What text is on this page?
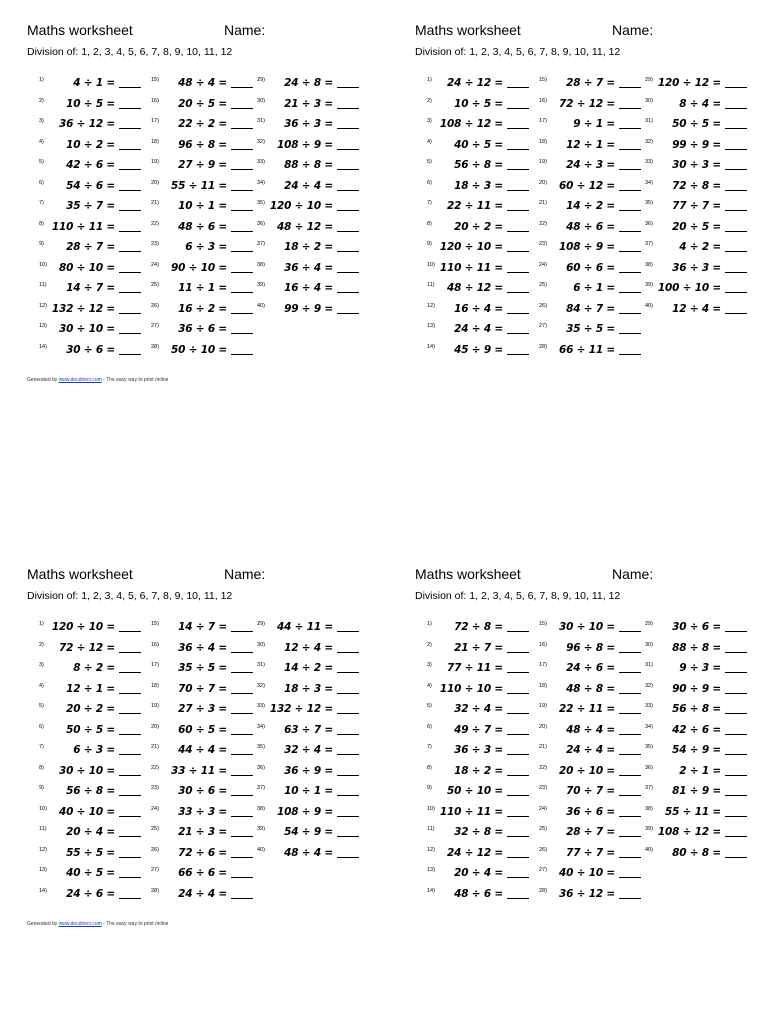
Maths worksheet	Name:
Division of: 1, 2, 3, 4, 5, 6, 7, 8, 9, 10, 11, 12
1)	4 ÷ 1 =
2) 10 ÷ 5 =
3) 36 ÷ 12 =
4) 10 ÷ 2 =
5) 42 ÷ 6 =
6) 54 ÷ 6 =
7) 35 ÷ 7 =
8) 110 ÷ 11 =
9) 28 ÷ 7 =
10) 80 ÷ 10 =
11) 14 ÷ 7 =
12) 132 ÷ 12 =
13) 30 ÷ 10 =
14) 30 ÷ 6 =
15) 48 ÷ 4 =
16) 20 ÷ 5 =
17) 22 ÷ 2 =
18) 96 ÷ 8 =
19) 27 ÷ 9 =
20) 55 ÷ 11 =
21) 10 ÷ 1 =
22) 48 ÷ 6 =
23)	6 ÷ 3 =
24) 90 ÷ 10 =
25) 11 ÷ 1 =
26) 16 ÷ 2 =
27) 36 ÷ 6 =
28) 50 ÷ 10 =
29) 24 ÷ 8 =
30) 21 ÷ 3 =
31) 36 ÷ 3 =
32) 108 ÷ 9 =
33) 88 ÷ 8 =
34) 24 ÷ 4 =
35) 120 ÷ 10 =
36) 48 ÷ 12 =
37) 18 ÷ 2 =
38) 36 ÷ 4 =
39) 16 ÷ 4 =
40) 99 ÷ 9 =
Generated by www.docdirect.com - The easy way to print online
Maths worksheet	Name:
Division of: 1, 2, 3, 4, 5, 6, 7, 8, 9, 10, 11, 12
1) 24 ÷ 12 =
2) 10 ÷ 5 =
3) 108 ÷ 12 =
4) 40 ÷ 5 =
5) 56 ÷ 8 =
6) 18 ÷ 3 =
7) 22 ÷ 11 =
8) 20 ÷ 2 =
9) 120 ÷ 10 =
10) 110 ÷ 11 =
11) 48 ÷ 12 =
12) 16 ÷ 4 =
13) 24 ÷ 4 =
14) 45 ÷ 9 =
15) 28 ÷ 7 =
16) 72 ÷ 12 =
17)	9 ÷ 1 =
18) 12 ÷ 1 =
19) 24 ÷ 3 =
20) 60 ÷ 12 =
21) 14 ÷ 2 =
22) 48 ÷ 6 =
23) 108 ÷ 9 =
24) 60 ÷ 6 =
25)	6 ÷ 1 =
26) 84 ÷ 7 =
27) 35 ÷ 5 =
28) 66 ÷ 11 =
29) 120 ÷ 12 =
30)	8 ÷ 4 =
31) 50 ÷ 5 =
32) 99 ÷ 9 =
33) 30 ÷ 3 =
34) 72 ÷ 8 =
35) 77 ÷ 7 =
36) 20 ÷ 5 =
37)	4 ÷ 2 =
38) 36 ÷ 3 =
39) 100 ÷ 10 =
40) 12 ÷ 4 =
Maths worksheet	Name:
Division of: 1, 2, 3, 4, 5, 6, 7, 8, 9, 10, 11, 12
1) 120 ÷ 10 =
2) 72 ÷ 12 =
3)	8 ÷ 2 =
4) 12 ÷ 1 =
5) 20 ÷ 2 =
6) 50 ÷ 5 =
7)	6 ÷ 3 =
8) 30 ÷ 10 =
9) 56 ÷ 8 =
10) 40 ÷ 10 =
11) 20 ÷ 4 =
12) 55 ÷ 5 =
13) 40 ÷ 5 =
14) 24 ÷ 6 =
15) 14 ÷ 7 =
16) 36 ÷ 4 =
17) 35 ÷ 5 =
18) 70 ÷ 7 =
19) 27 ÷ 3 =
20) 60 ÷ 5 =
21) 44 ÷ 4 =
22) 33 ÷ 11 =
23) 30 ÷ 6 =
24) 33 ÷ 3 =
25) 21 ÷ 3 =
26) 72 ÷ 6 =
27) 66 ÷ 6 =
28) 24 ÷ 4 =
29) 44 ÷ 11 =
30) 12 ÷ 4 =
31) 14 ÷ 2 =
32) 18 ÷ 3 =
33) 132 ÷ 12 =
34) 63 ÷ 7 =
35) 32 ÷ 4 =
36) 36 ÷ 9 =
37) 10 ÷ 1 =
38) 108 ÷ 9 =
39) 54 ÷ 9 =
40) 48 ÷ 4 =
Generated by www.docdirect.com - The easy way to print online
Maths worksheet	Name:
Division of: 1, 2, 3, 4, 5, 6, 7, 8, 9, 10, 11, 12
1) 72 ÷ 8 =
2) 21 ÷ 7 =
3) 77 ÷ 11 =
4) 110 ÷ 10 =
5) 32 ÷ 4 =
6) 49 ÷ 7 =
7) 36 ÷ 3 =
8) 18 ÷ 2 =
9) 50 ÷ 10 =
10) 110 ÷ 11 =
11) 32 ÷ 8 =
12) 24 ÷ 12 =
13) 20 ÷ 4 =
14) 48 ÷ 6 =
15) 30 ÷ 10 =
16) 96 ÷ 8 =
17) 24 ÷ 6 =
18) 48 ÷ 8 =
19) 22 ÷ 11 =
20) 48 ÷ 4 =
21) 24 ÷ 4 =
22) 20 ÷ 10 =
23) 70 ÷ 7 =
24) 36 ÷ 6 =
25) 28 ÷ 7 =
26) 77 ÷ 7 =
27) 40 ÷ 10 =
28) 36 ÷ 12 =
29) 30 ÷ 6 =
30) 88 ÷ 8 =
31)	9 ÷ 3 =
32) 90 ÷ 9 =
33) 56 ÷ 8 =
34) 42 ÷ 6 =
35) 54 ÷ 9 =
36)	2 ÷ 1 =
37) 81 ÷ 9 =
38) 55 ÷ 11 =
39) 108 ÷ 12 =
40) 80 ÷ 8 =
